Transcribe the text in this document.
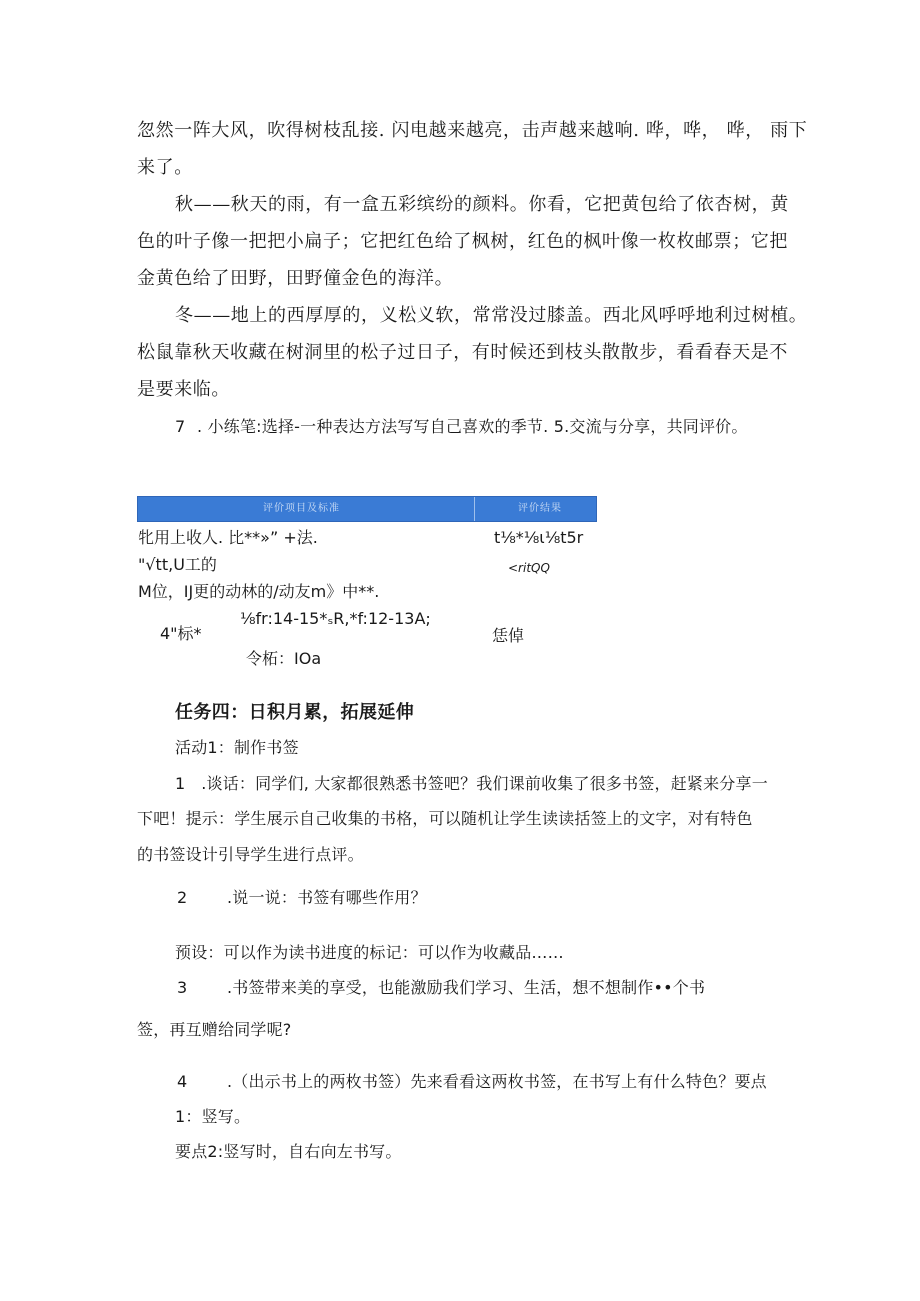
忽然一阵大风，吹得树枝乱接. 闪电越来越亮，击声越来越响. 哗，哗， 哗， 雨下

来了。

秋——秋天的雨，有一盒五彩缤纷的颜料。你看，它把黄包给了依杏树，黄

色的叶子像一把把小扁子；它把红色给了枫树，红色的枫叶像一枚枚邮票；它把

金黄色给了田野，田野僮金色的海洋。

冬——地上的西厚厚的，义松义软，常常没过膝盖。西北风呼呼地利过树植。

松鼠靠秋天收藏在树洞里的松子过日子，有时候还到枝头散散步，看看春天是不

是要来临。

7 . 小练笔:选择-一种表达方法写写自己喜欢的季节. 5.交流与分享，共同评价。

评价项目及标准	评价结果
牝用上收人. 比**»” +法.	t⅛*⅛ι⅛t5r
"√tt,U工的	<ritQQ
M位，IJ更的动林的/动友m》中**.
⅛fr:14-15*ₛR,*f:12-13A;
4"标*	恁倬
令柘：IOa

任务四：日积月累，拓展延伸

活动1：制作书签

1   .谈话：同学们, 大家都很熟悉书签吧？我们课前收集了很多书签，赶紧来分享一

下吧！提示：学生展示自己收集的书格，可以随机让学生读读括签上的文字，对有特色

的书签设计引导学生进行点评。

2 .说一说：书签有哪些作用？

预设：可以作为读书进度的标记：可以作为收藏品……

3 .书签带来美的享受，也能激励我们学习、生活，想不想制作••个书

签，再互赠给同学呢?

4 .（出示书上的两枚书签）先来看看这两枚书签，在书写上有什么特色？要点

1：竖写。

要点2:竖写时，自右向左书写。
